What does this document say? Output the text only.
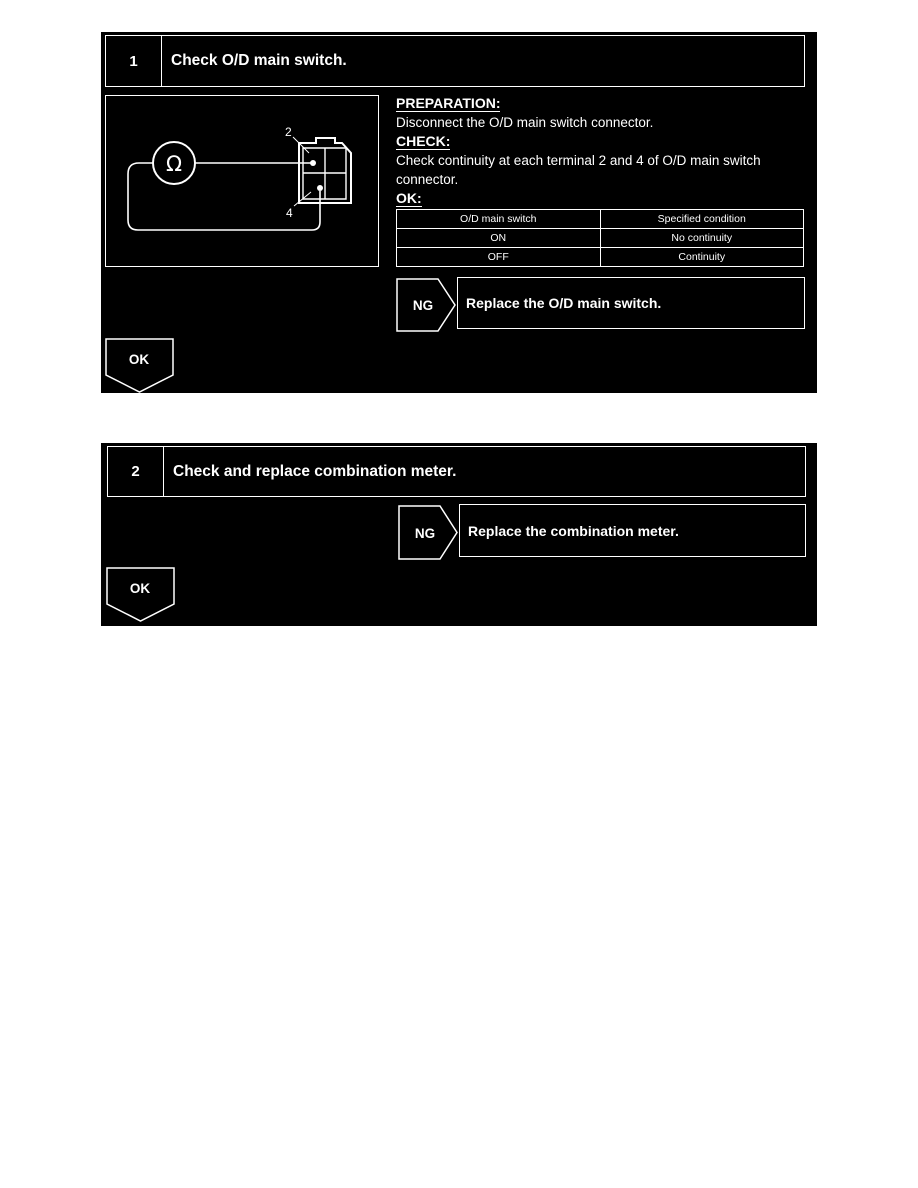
1	Check O/D main switch.
Ω
2
4
PREPARATION:

Disconnect the O/D main switch connector.

CHECK:

Check continuity at each terminal 2 and 4 of O/D main switch connector.

OK:
O/D main switch	Specified condition
ON	No continuity
OFF	Continuity
NG	Replace the O/D main switch.
OK
2	Check and replace combination meter.
NG	Replace the combination meter.
OK
